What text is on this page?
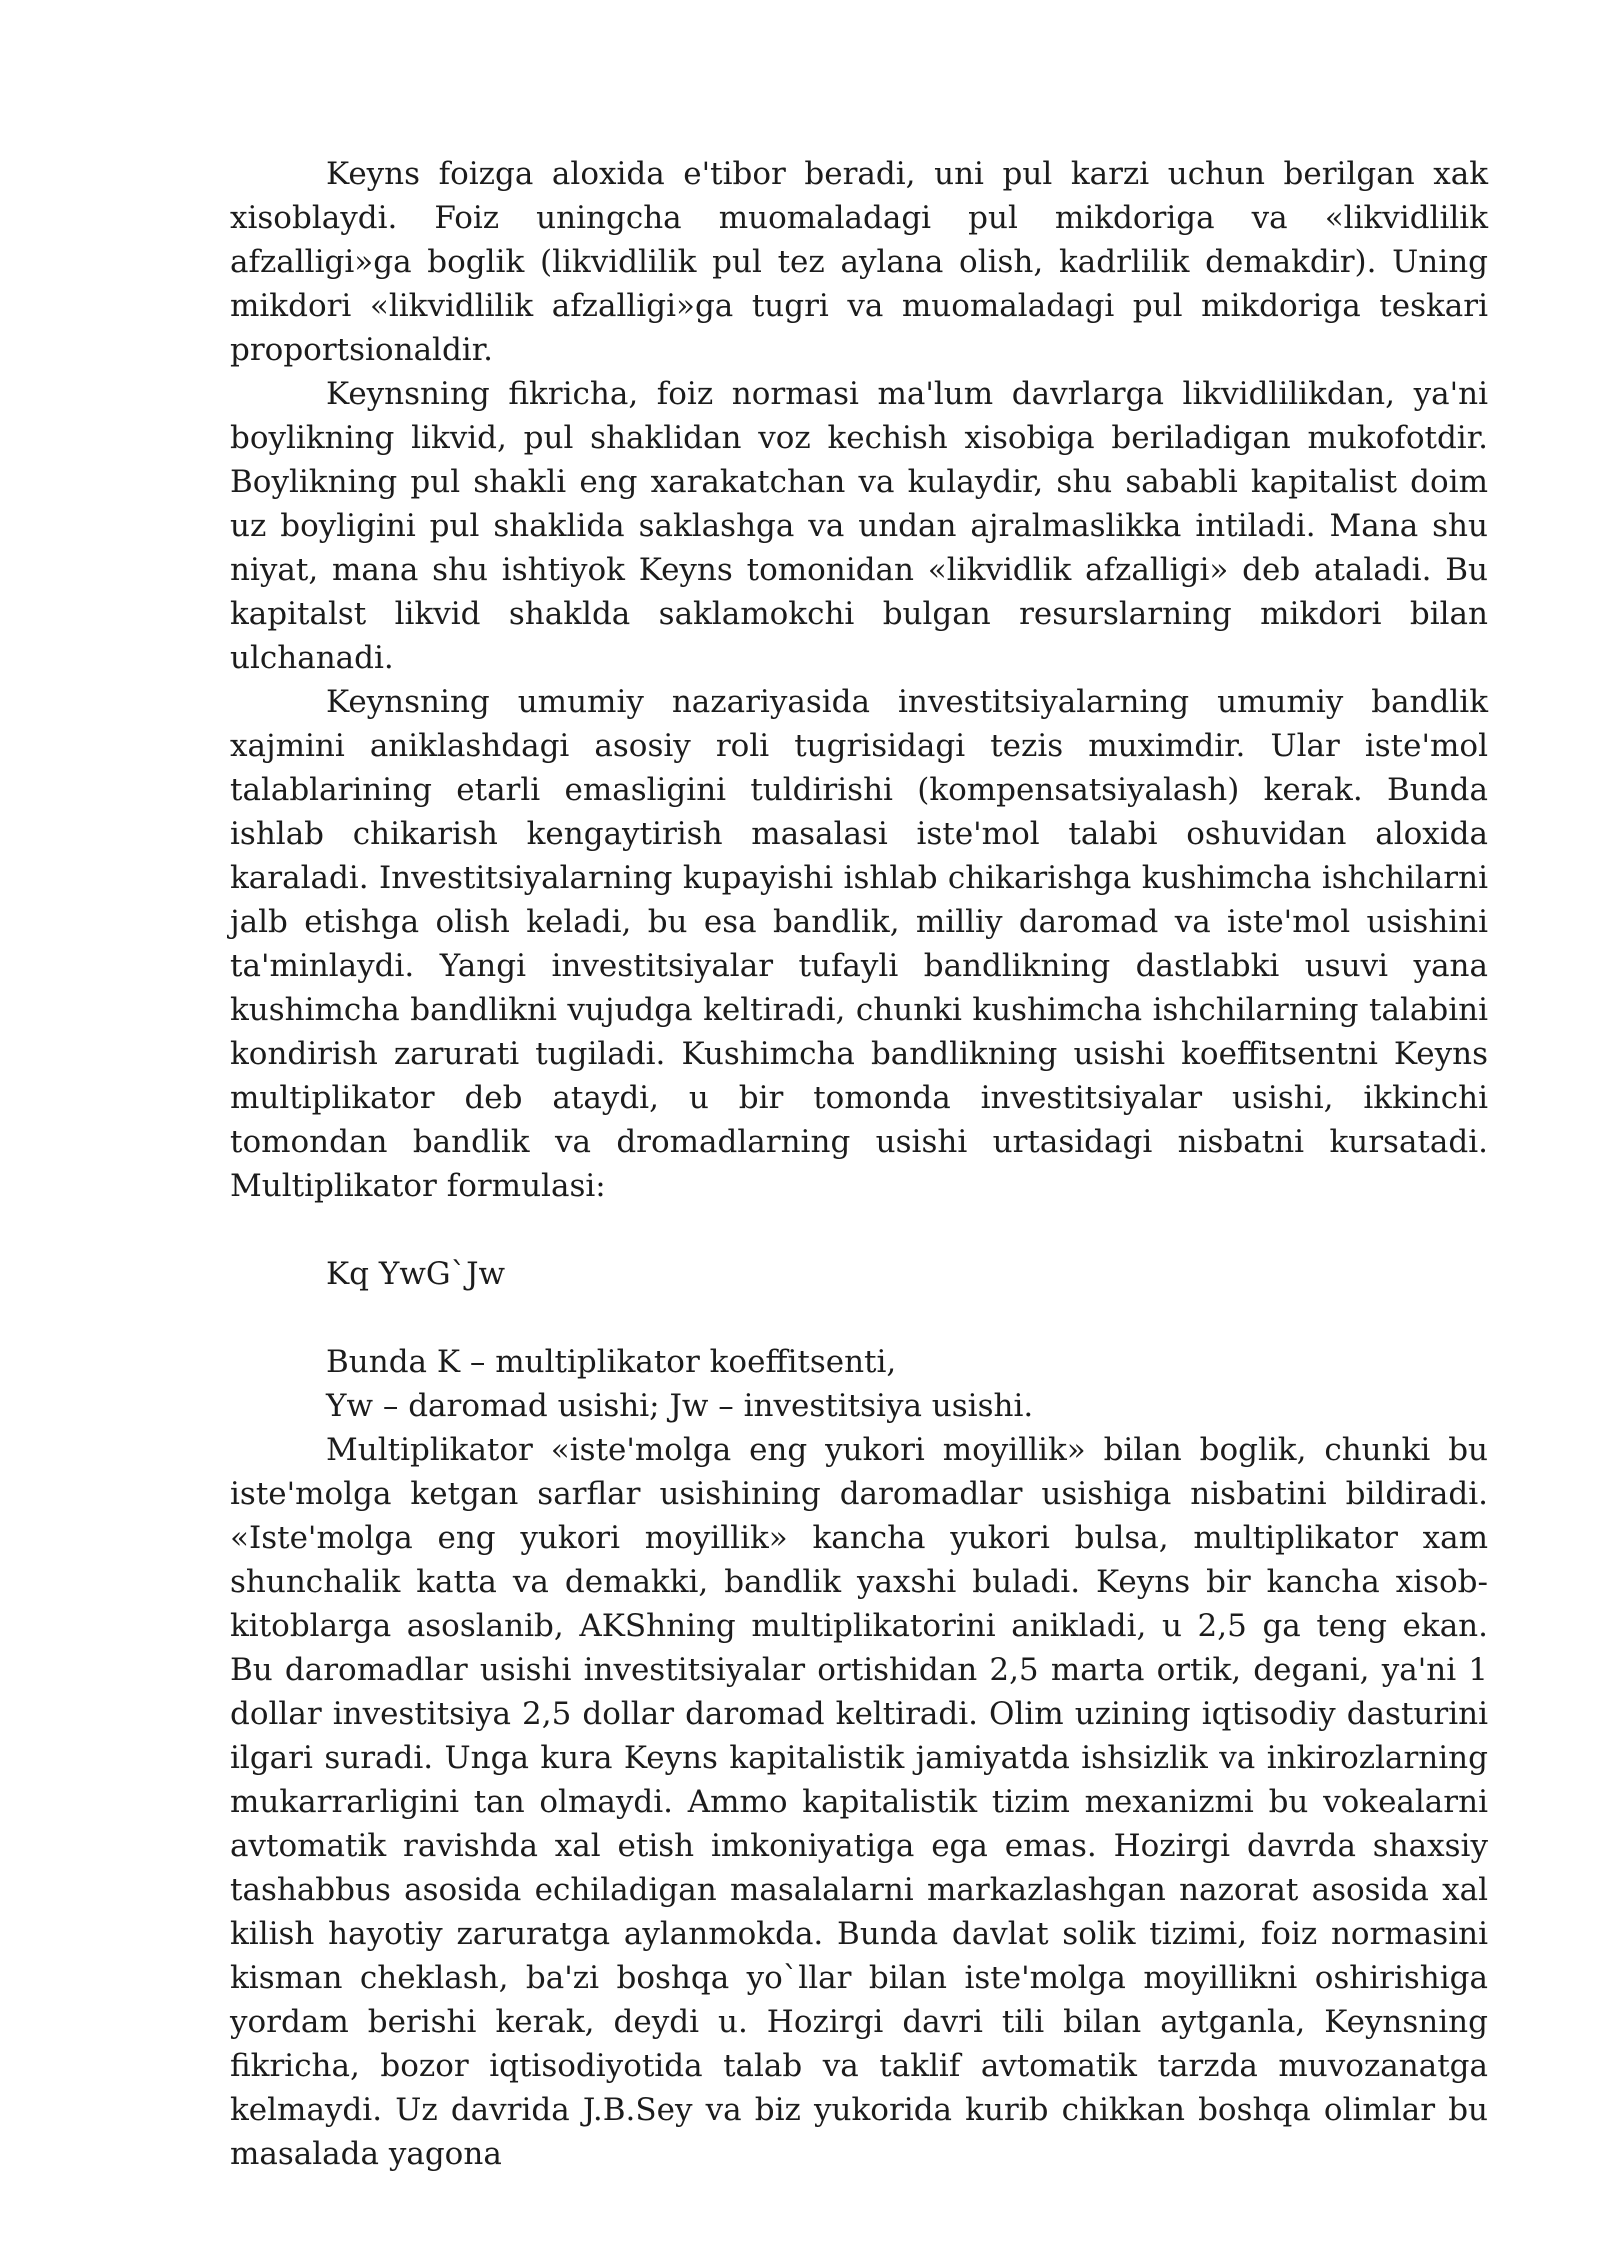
Keyns foizga aloxida e'tibor beradi, uni pul karzi uchun berilgan xak xisoblaydi. Foiz uningcha muomaladagi pul mikdoriga va «likvidlilik afzalligi»ga boglik (likvidlilik pul tez aylana olish, kadrlilik demakdir). Uning mikdori «likvidlilik afzalligi»ga tugri va muomaladagi pul mikdoriga teskari proportsionaldir.

Keynsning fikricha, foiz normasi ma'lum davrlarga likvidlilikdan, ya'ni boylikning likvid, pul shaklidan voz kechish xisobiga beriladigan mukofotdir. Boylikning pul shakli eng xarakatchan va kulaydir, shu sababli kapitalist doim uz boyligini pul shaklida saklashga va undan ajralmaslikka intiladi. Mana shu niyat, mana shu ishtiyok Keyns tomonidan «likvidlik afzalligi» deb ataladi. Bu kapitalst likvid shaklda saklamokchi bulgan resurslarning mikdori bilan ulchanadi.

Keynsning umumiy nazariyasida investitsiyalarning umumiy bandlik xajmini aniklashdagi asosiy roli tugrisidagi tezis muximdir. Ular iste'mol talablarining etarli emasligini tuldirishi (kompensatsiyalash) kerak. Bunda ishlab chikarish kengaytirish masalasi iste'mol talabi oshuvidan aloxida karaladi. Investitsiyalarning kupayishi ishlab chikarishga kushimcha ishchilarni jalb etishga olish keladi, bu esa bandlik, milliy daromad va iste'mol usishini ta'minlaydi. Yangi investitsiyalar tufayli bandlikning dastlabki usuvi yana kushimcha bandlikni vujudga keltiradi, chunki kushimcha ishchilarning talabini kondirish zarurati tugiladi. Kushimcha bandlikning usishi koeffitsentni Keyns multiplikator deb ataydi, u bir tomonda investitsiyalar usishi, ikkinchi tomondan bandlik va dromadlarning usishi urtasidagi nisbatni kursatadi. Multiplikator formulasi:

Kq YwG`Jw

Bunda K – multiplikator koeffitsenti,

Yw – daromad usishi; Jw – investitsiya usishi.

Multiplikator «iste'molga eng yukori moyillik» bilan boglik, chunki bu iste'molga ketgan sarflar usishining daromadlar usishiga nisbatini bildiradi. «Iste'molga eng yukori moyillik» kancha yukori bulsa, multiplikator xam shunchalik katta va demakki, bandlik yaxshi buladi. Keyns bir kancha xisob-kitoblarga asoslanib, AKShning multiplikatorini anikladi, u 2,5 ga teng ekan. Bu daromadlar usishi investitsiyalar ortishidan 2,5 marta ortik, degani, ya'ni 1 dollar investitsiya 2,5 dollar daromad keltiradi. Olim uzining iqtisodiy dasturini ilgari suradi. Unga kura Keyns kapitalistik jamiyatda ishsizlik va inkirozlarning mukarrarligini tan olmaydi. Ammo kapitalistik tizim mexanizmi bu vokealarni avtomatik ravishda xal etish imkoniyatiga ega emas. Hozirgi davrda shaxsiy tashabbus asosida echiladigan masalalarni markazlashgan nazorat asosida xal kilish hayotiy zaruratga aylanmokda. Bunda davlat solik tizimi, foiz normasini kisman cheklash, ba'zi boshqa yo`llar bilan iste'molga moyillikni oshirishiga yordam berishi kerak, deydi u. Hozirgi davri tili bilan aytganla, Keynsning fikricha, bozor iqtisodiyotida talab va taklif avtomatik tarzda muvozanatga kelmaydi. Uz davrida J.B.Sey va biz yukorida kurib chikkan boshqa olimlar bu masalada yagona
